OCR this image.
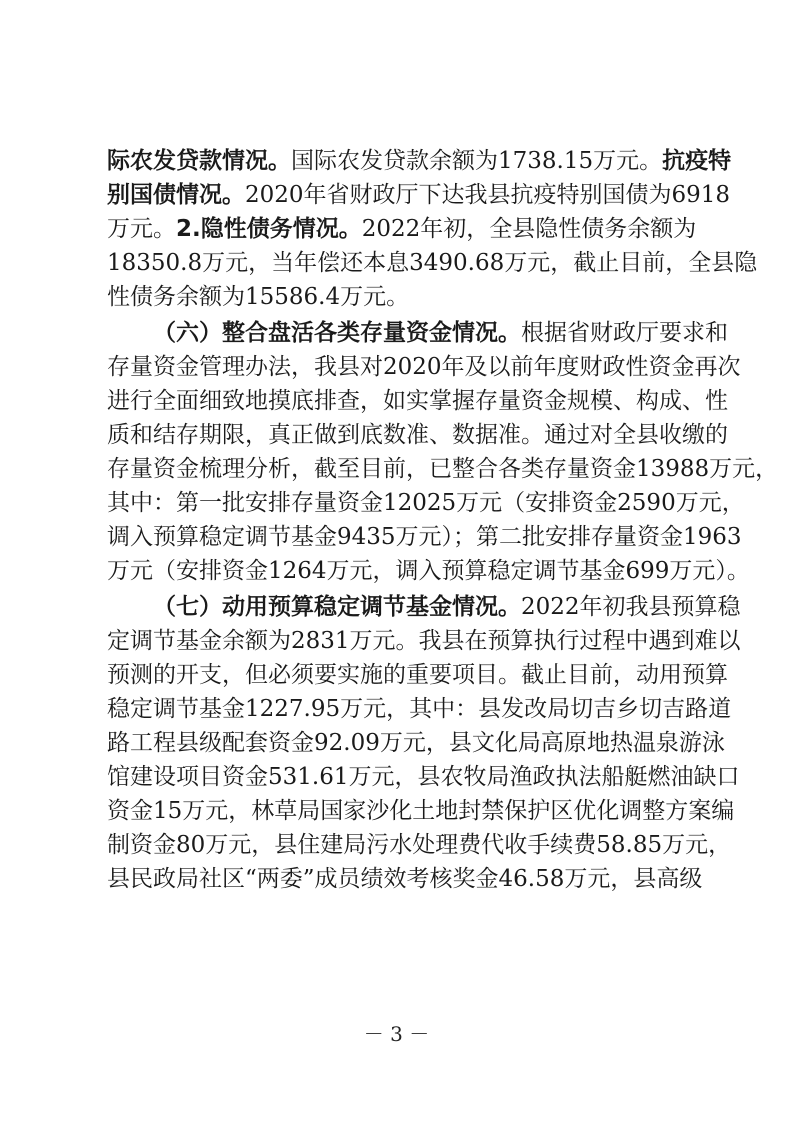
际农发贷款情况。国际农发贷款余额为1738.15万元。抗疫特
别国债情况。2020年省财政厅下达我县抗疫特别国债为6918
万元。2.隐性债务情况。2022年初，全县隐性债务余额为
18350.8万元，当年偿还本息3490.68万元，截止目前，全县隐
性债务余额为15586.4万元。
（六）整合盘活各类存量资金情况。根据省财政厅要求和
存量资金管理办法，我县对2020年及以前年度财政性资金再次
进行全面细致地摸底排查，如实掌握存量资金规模、构成、性
质和结存期限，真正做到底数准、数据准。通过对全县收缴的
存量资金梳理分析，截至目前，已整合各类存量资金13988万元，
其中：第一批安排存量资金12025万元（安排资金2590万元，
调入预算稳定调节基金9435万元）；第二批安排存量资金1963
万元（安排资金1264万元，调入预算稳定调节基金699万元）。
（七）动用预算稳定调节基金情况。2022年初我县预算稳
定调节基金余额为2831万元。我县在预算执行过程中遇到难以
预测的开支，但必须要实施的重要项目。截止目前，动用预算
稳定调节基金1227.95万元，其中：县发改局切吉乡切吉路道
路工程县级配套资金92.09万元，县文化局高原地热温泉游泳
馆建设项目资金531.61万元，县农牧局渔政执法船艇燃油缺口
资金15万元，林草局国家沙化土地封禁保护区优化调整方案编
制资金80万元，县住建局污水处理费代收手续费58.85万元，
县民政局社区“两委”成员绩效考核奖金46.58万元，县高级
－ 3 －
